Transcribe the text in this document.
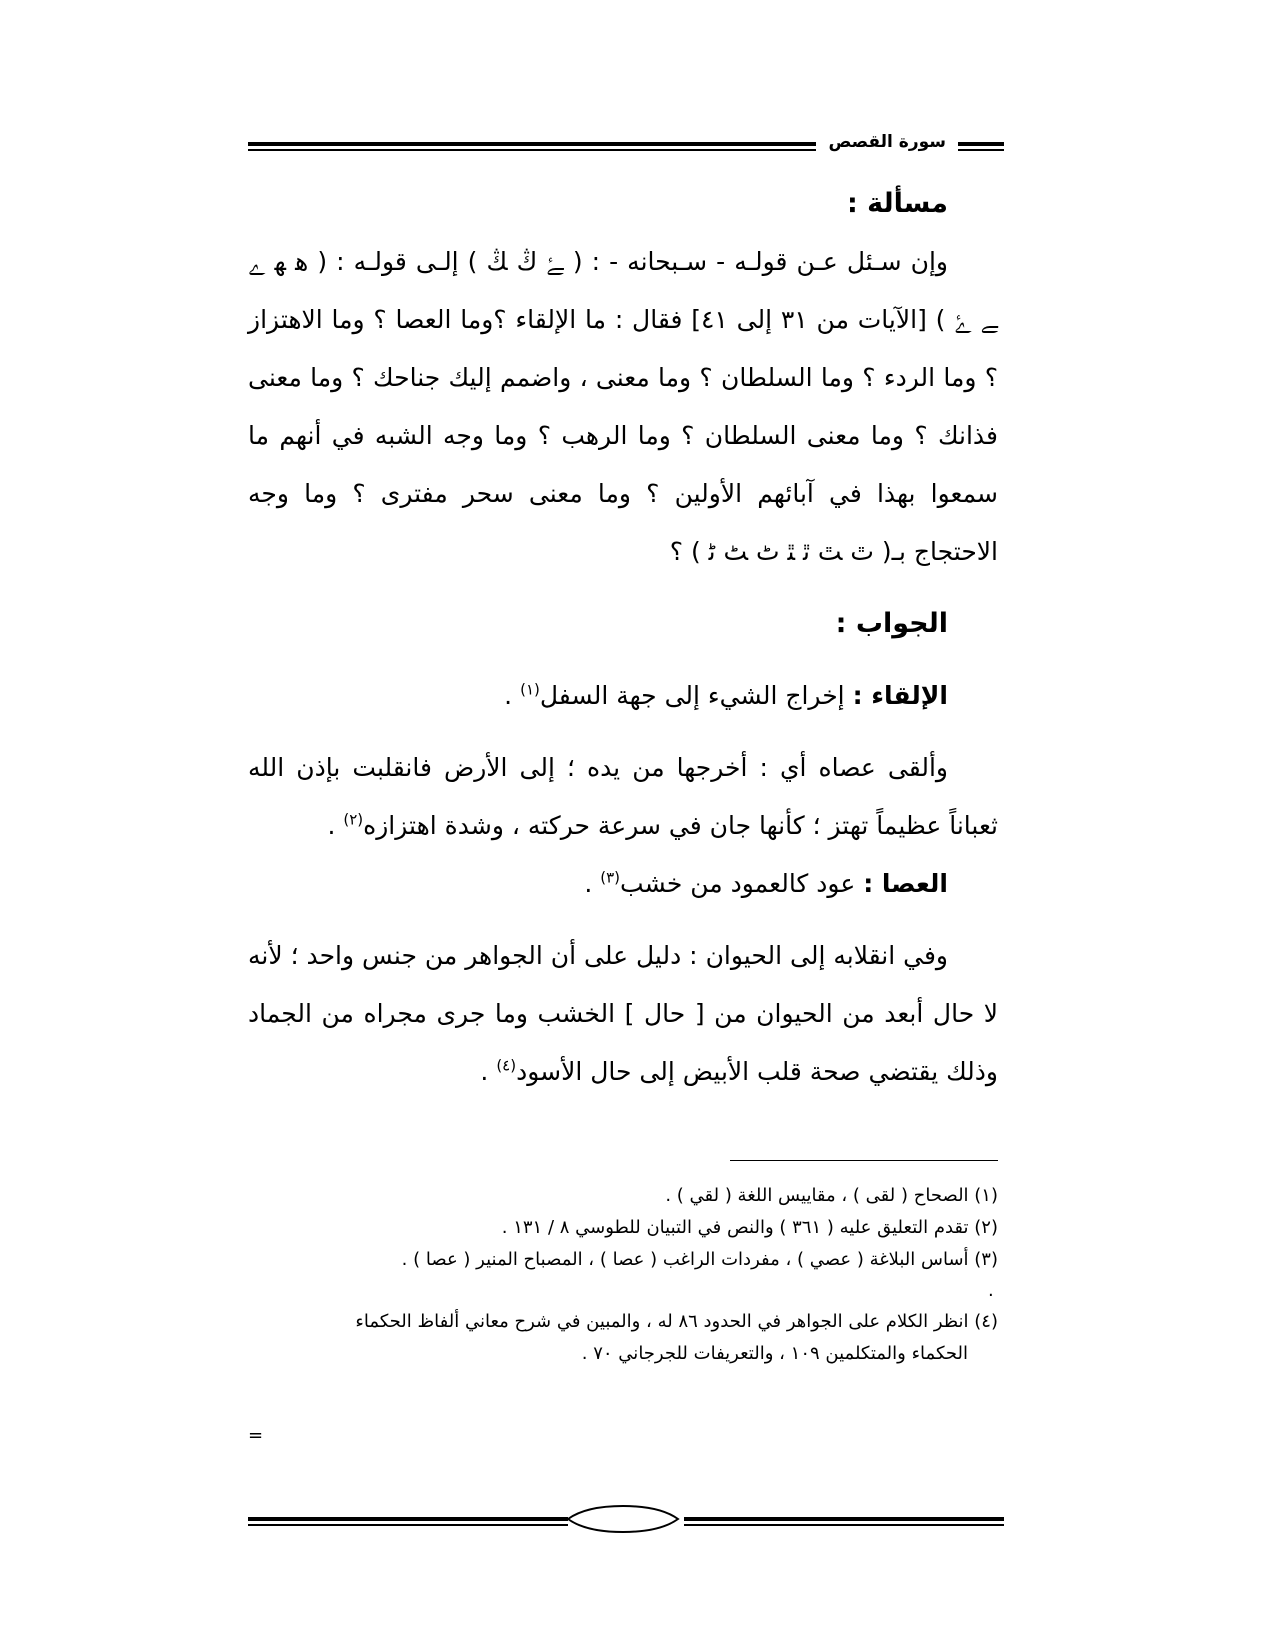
سورة القصص

مسألة :

وإن سـئل عـن قولـه - سـبحانه - : ( ﮱ ﯓ ﯔ ) إلـى قولـه : ( ﮬ ﮭ ﮮ ﮯ ﮰ ) [الآيات من ٣١ إلى ٤١] فقال : ما الإلقاء ؟وما العصا ؟ وما الاهتزاز ؟ وما الردء ؟ وما السلطان ؟ وما معنى ، واضمم إليك جناحك ؟ وما معنى فذانك ؟ وما معنى السلطان ؟ وما الرهب ؟ وما وجه الشبه في أنهم ما سمعوا بهذا في آبائهم الأولين ؟ وما معنى سحر مفترى ؟ وما وجه الاحتجاج بـ( ﭢ ﭣ ﭤ ﭥ ﭦ ﭧ ﭨ ) ؟

الجواب :

الإلقاء : إخراج الشيء إلى جهة السفل$^{(١)}$ .

وألقى عصاه أي : أخرجها من يده ؛ إلى الأرض فانقلبت بإذن الله ثعباناً عظيماً تهتز ؛ كأنها جان في سرعة حركته ، وشدة اهتزازه$^{(٢)}$ .

العصا : عود كالعمود من خشب$^{(٣)}$ .

وفي انقلابه إلى الحيوان : دليل على أن الجواهر من جنس واحد ؛ لأنه لا حال أبعد من الحيوان من [ حال ] الخشب وما جرى مجراه من الجماد وذلك يقتضي صحة قلب الأبيض إلى حال الأسود$^{(٤)}$ .

(١) الصحاح ( لقى ) ، مقاييس اللغة ( لقي ) .

(٢) تقدم التعليق عليه ( ٣٦١ ) والنص في التبيان للطوسي ٨ / ١٣١ .

(٣) أساس البلاغة ( عصي ) ، مفردات الراغب ( عصا ) ، المصباح المنير ( عصا ) .

.

(٤) انظر الكلام على الجواهر في الحدود ٨٦ له ، والمبين في شرح معاني ألفاظ الحكماء

الحكماء والمتكلمين ١٠٩ ، والتعريفات للجرجاني ٧٠ .

=
